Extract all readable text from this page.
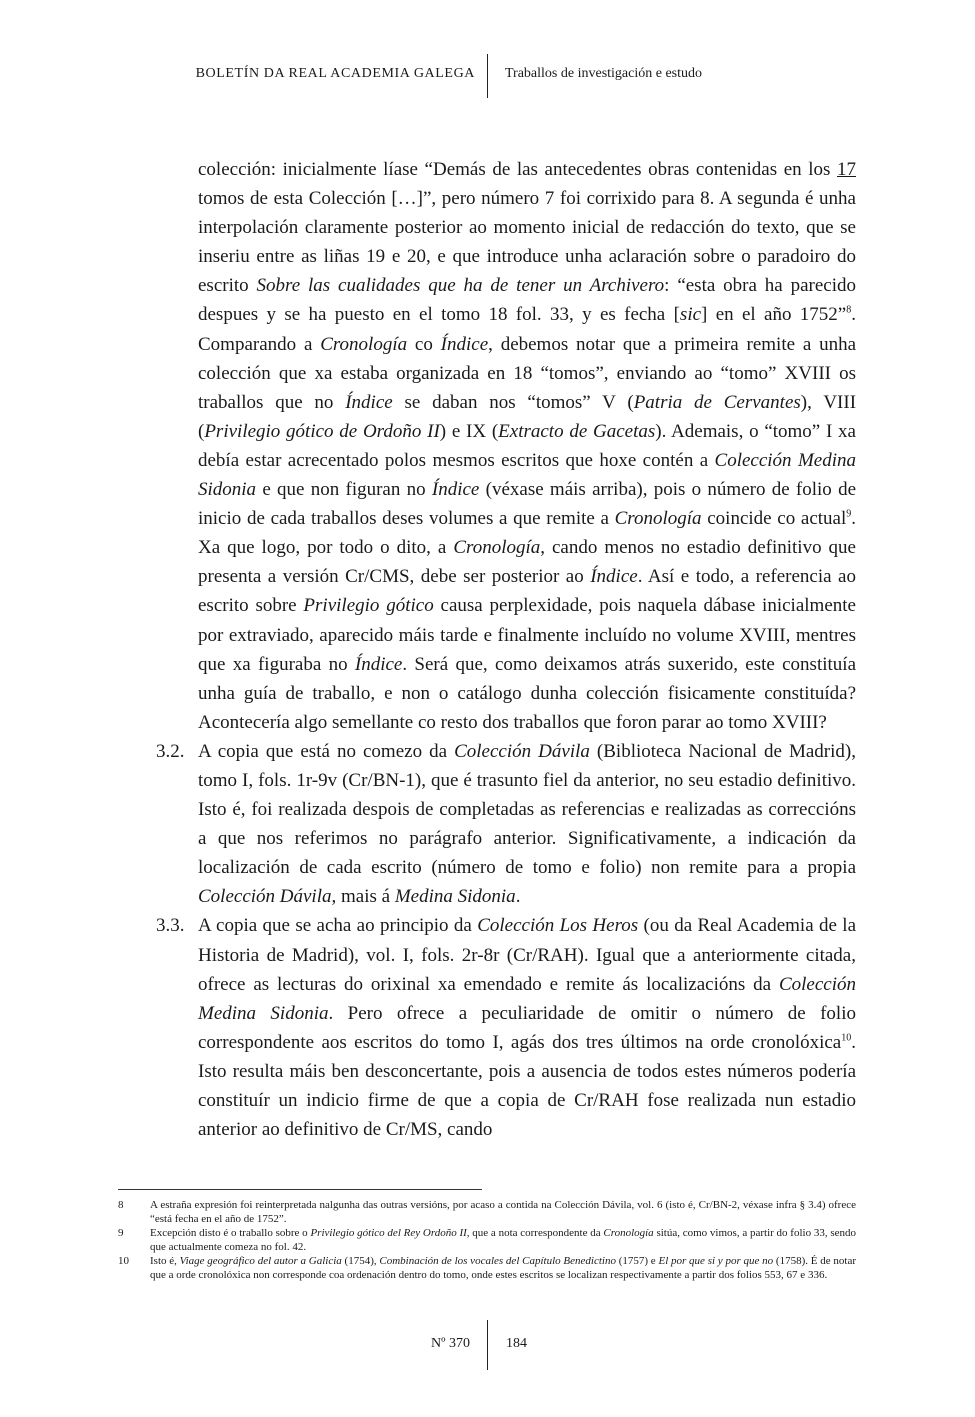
BOLETÍN DA REAL ACADEMIA GALEGA Traballos de investigación e estudo

colección: inicialmente líase “Demás de las antecedentes obras contenidas en los 17 tomos de esta Colección […]”, pero número 7 foi corrixido para 8. A segunda é unha interpolación claramente posterior ao momento inicial de redacción do texto, que se inseriu entre as liñas 19 e 20, e que introduce unha aclaración sobre o paradoiro do escrito Sobre las cualidades que ha de tener un Archivero: “esta obra ha parecido despues y se ha puesto en el tomo 18 fol. 33, y es fecha [sic] en el año 1752”$^8$. Comparando a Cronología co Índice, debemos notar que a primeira remite a unha colección que xa estaba organizada en 18 “tomos”, enviando ao “tomo” XVIII os traballos que no Índice se daban nos “tomos” V (Patria de Cervantes), VIII (Privilegio gótico de Ordoño II) e IX (Extracto de Gacetas). Ademais, o “tomo” I xa debía estar acrecentado polos mesmos escritos que hoxe contén a Colección Medina Sidonia e que non figuran no Índice (véxase máis arriba), pois o número de folio de inicio de cada traballos deses volumes a que remite a Cronología coincide co actual$^9$. Xa que logo, por todo o dito, a Cronología, cando menos no estadio definitivo que presenta a versión Cr/CMS, debe ser posterior ao Índice. Así e todo, a referencia ao escrito sobre Privilegio gótico causa perplexidade, pois naquela dábase inicialmente por extraviado, aparecido máis tarde e finalmente incluído no volume XVIII, mentres que xa figuraba no Índice. Será que, como deixamos atrás suxerido, este constituía unha guía de traballo, e non o catálogo dunha colección fisicamente constituída? Acontecería algo semellante co resto dos traballos que foron parar ao tomo XVIII?

3.2. A copia que está no comezo da Colección Dávila (Biblioteca Nacional de Madrid), tomo I, fols. 1r-9v (Cr/BN-1), que é trasunto fiel da anterior, no seu estadio definitivo. Isto é, foi realizada despois de completadas as referencias e realizadas as correccións a que nos referimos no parágrafo anterior. Significativamente, a indicación da localización de cada escrito (número de tomo e folio) non remite para a propia Colección Dávila, mais á Medina Sidonia.

3.3. A copia que se acha ao principio da Colección Los Heros (ou da Real Academia de la Historia de Madrid), vol. I, fols. 2r-8r (Cr/RAH). Igual que a anteriormente citada, ofrece as lecturas do orixinal xa emendado e remite ás localizacións da Colección Medina Sidonia. Pero ofrece a peculiaridade de omitir o número de folio correspondente aos escritos do tomo I, agás dos tres últimos na orde cronolóxica$^{10}$. Isto resulta máis ben desconcertante, pois a ausencia de todos estes números podería constituír un indicio firme de que a copia de Cr/RAH fose realizada nun estadio anterior ao definitivo de Cr/MS, cando

8 A estraña expresión foi reinterpretada nalgunha das outras versións, por acaso a contida na Colección Dávila, vol. 6 (isto é, Cr/BN-2, véxase infra § 3.4) ofrece “está fecha en el año de 1752”.
9 Excepción disto é o traballo sobre o Privilegio gótico del Rey Ordoño II, que a nota correspondente da Cronología sitúa, como vimos, a partir do folio 33, sendo que actualmente comeza no fol. 42.
10 Isto é, Viage geográfico del autor a Galicia (1754), Combinación de los vocales del Capítulo Benedictino (1757) e El por que si y por que no (1758). É de notar que a orde cronolóxica non corresponde coa ordenación dentro do tomo, onde estes escritos se localizan respectivamente a partir dos folios 553, 67 e 336.
Nº 370	184
